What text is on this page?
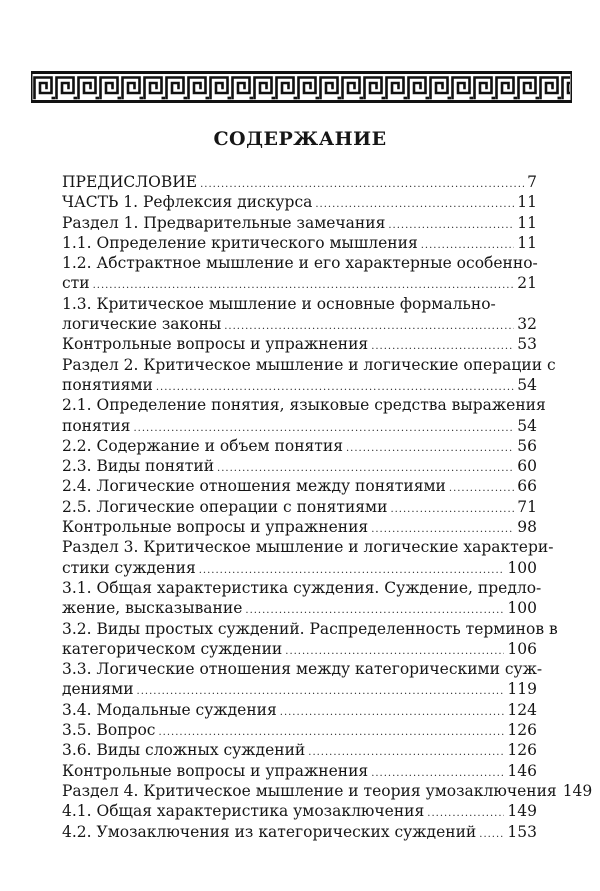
СОДЕРЖАНИЕ
ПРЕДИСЛОВИЕ .....	7
ЧАСТЬ 1. Рефлексия дискурса .....	11
Раздел 1. Предварительные замечания .....	11
1.1. Определение критического мышления .....	11
1.2. Абстрактное мышление и его характерные особенно-
сти .....	21
1.3. Критическое мышление и основные формально-
логические законы .....	32
Контрольные вопросы и упражнения .....	53
Раздел 2. Критическое мышление и логические операции с
понятиями .....	54
2.1. Определение понятия, языковые средства выражения
понятия .....	54
2.2. Содержание и объем понятия .....	56
2.3. Виды понятий .....	60
2.4. Логические отношения между понятиями .....	66
2.5. Логические операции с понятиями .....	71
Контрольные вопросы и упражнения .....	98
Раздел 3. Критическое мышление и логические характери-
стики суждения .....	100
3.1. Общая характеристика суждения. Суждение, предло-
жение, высказывание .....	100
3.2. Виды простых суждений. Распределенность терминов в
категорическом суждении .....	106
3.3. Логические отношения между категорическими суж-
дениями .....	119
3.4. Модальные суждения .....	124
3.5. Вопрос .....	126
3.6. Виды сложных суждений .....	126
Контрольные вопросы и упражнения .....	146
Раздел 4. Критическое мышление и теория умозаключения 149
4.1. Общая характеристика умозаключения .....	149
4.2. Умозаключения из категорических суждений ..... 153
